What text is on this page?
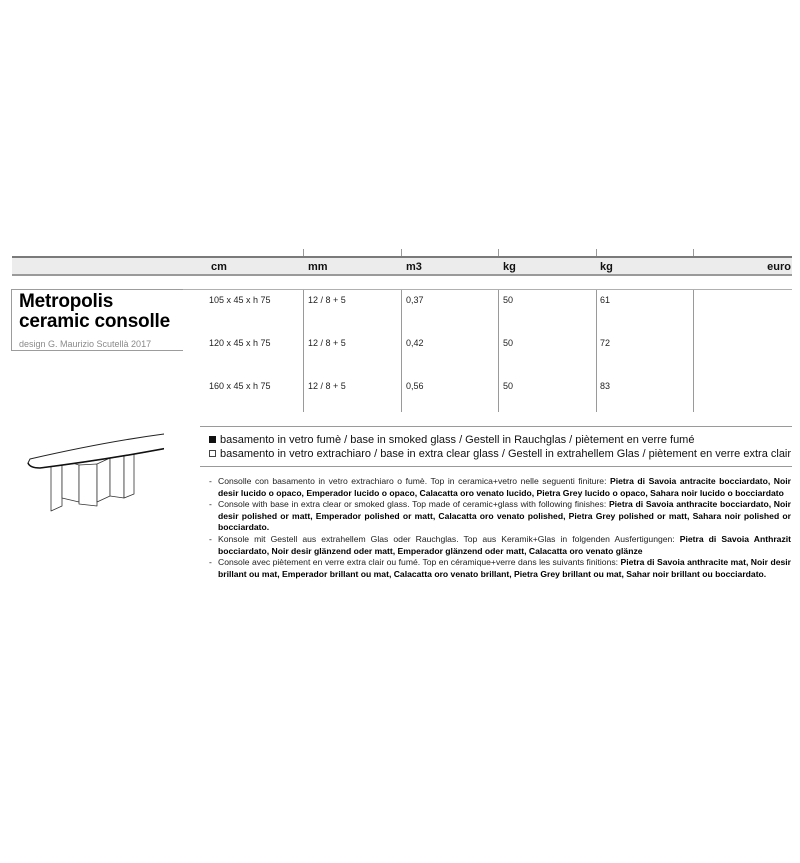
cm	mm	m3	kg	kg	euro
Metropolis
ceramic consolle
design G. Maurizio Scutellà 2017
105 x 45 x h 75	12 / 8 + 5	0,37	50	61
120 x 45 x h 75	12 / 8 + 5	0,42	50	72
160 x 45 x h 75	12 / 8 + 5	0,56	50	83
basamento in vetro fumè / base in smoked glass / Gestell in Rauchglas / piètement en verre fumé
basamento in vetro extrachiaro / base in extra clear glass / Gestell in extrahellem Glas / piètement en verre extra clair
- Consolle con basamento in vetro extrachiaro o fumè. Top in ceramica+vetro nelle seguenti finiture: Pietra di Savoia antracite bocciardato, Noir desir lucido o opaco, Emperador lucido o opaco, Calacatta oro venato lucido, Pietra Grey lucido o opaco, Sahara noir lucido o bocciardato
- Console with base in extra clear or smoked glass. Top made of ceramic+glass with following finishes: Pietra di Savoia anthracite bocciardato, Noir desir polished or matt, Emperador polished or matt, Calacatta oro venato polished, Pietra Grey polished or matt, Sahara noir polished or bocciardato.
- Konsole mit Gestell aus extrahellem Glas oder Rauchglas. Top aus Keramik+Glas in folgenden Ausfertigungen: Pietra di Savoia Anthrazit bocciardato, Noir desir glänzend oder matt, Emperador glänzend oder matt, Calacatta oro venato glänze
- Console avec piètement en verre extra clair ou fumé. Top en céramique+verre dans les suivants finitions: Pietra di Savoia anthracite mat, Noir desir brillant ou mat, Emperador brillant ou mat, Calacatta oro venato brillant, Pietra Grey brillant ou mat, Sahar noir brillant ou bocciardato.
